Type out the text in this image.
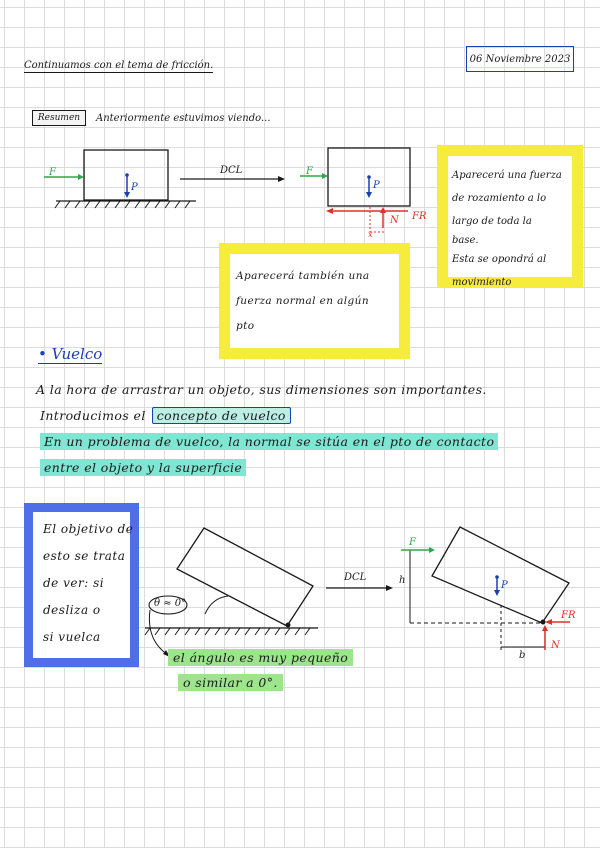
Continuamos con el tema de fricción.
06 Noviembre 2023
Resumen	Anteriormente estuvimos viendo...
F
P
DCL	F
P
N FR
x
Aparecerá una fuerza
de rozamiento a lo
largo de toda la
base.
Esta se opondrá al
movimiento
Aparecerá también una
fuerza normal en algún
pto
• Vuelco
A la hora de arrastrar un objeto, sus dimensiones son importantes.
Introducimos el concepto de vuelco
En un problema de vuelco, la normal se sitúa en el pto de contacto
entre el objeto y la superficie
El objetivo de
esto se trata
de ver: si
desliza o
si vuelca
θ ≈ 0°
DCL
F
P
h
b
N
FR
el ángulo es muy pequeño
o similar a 0°.
